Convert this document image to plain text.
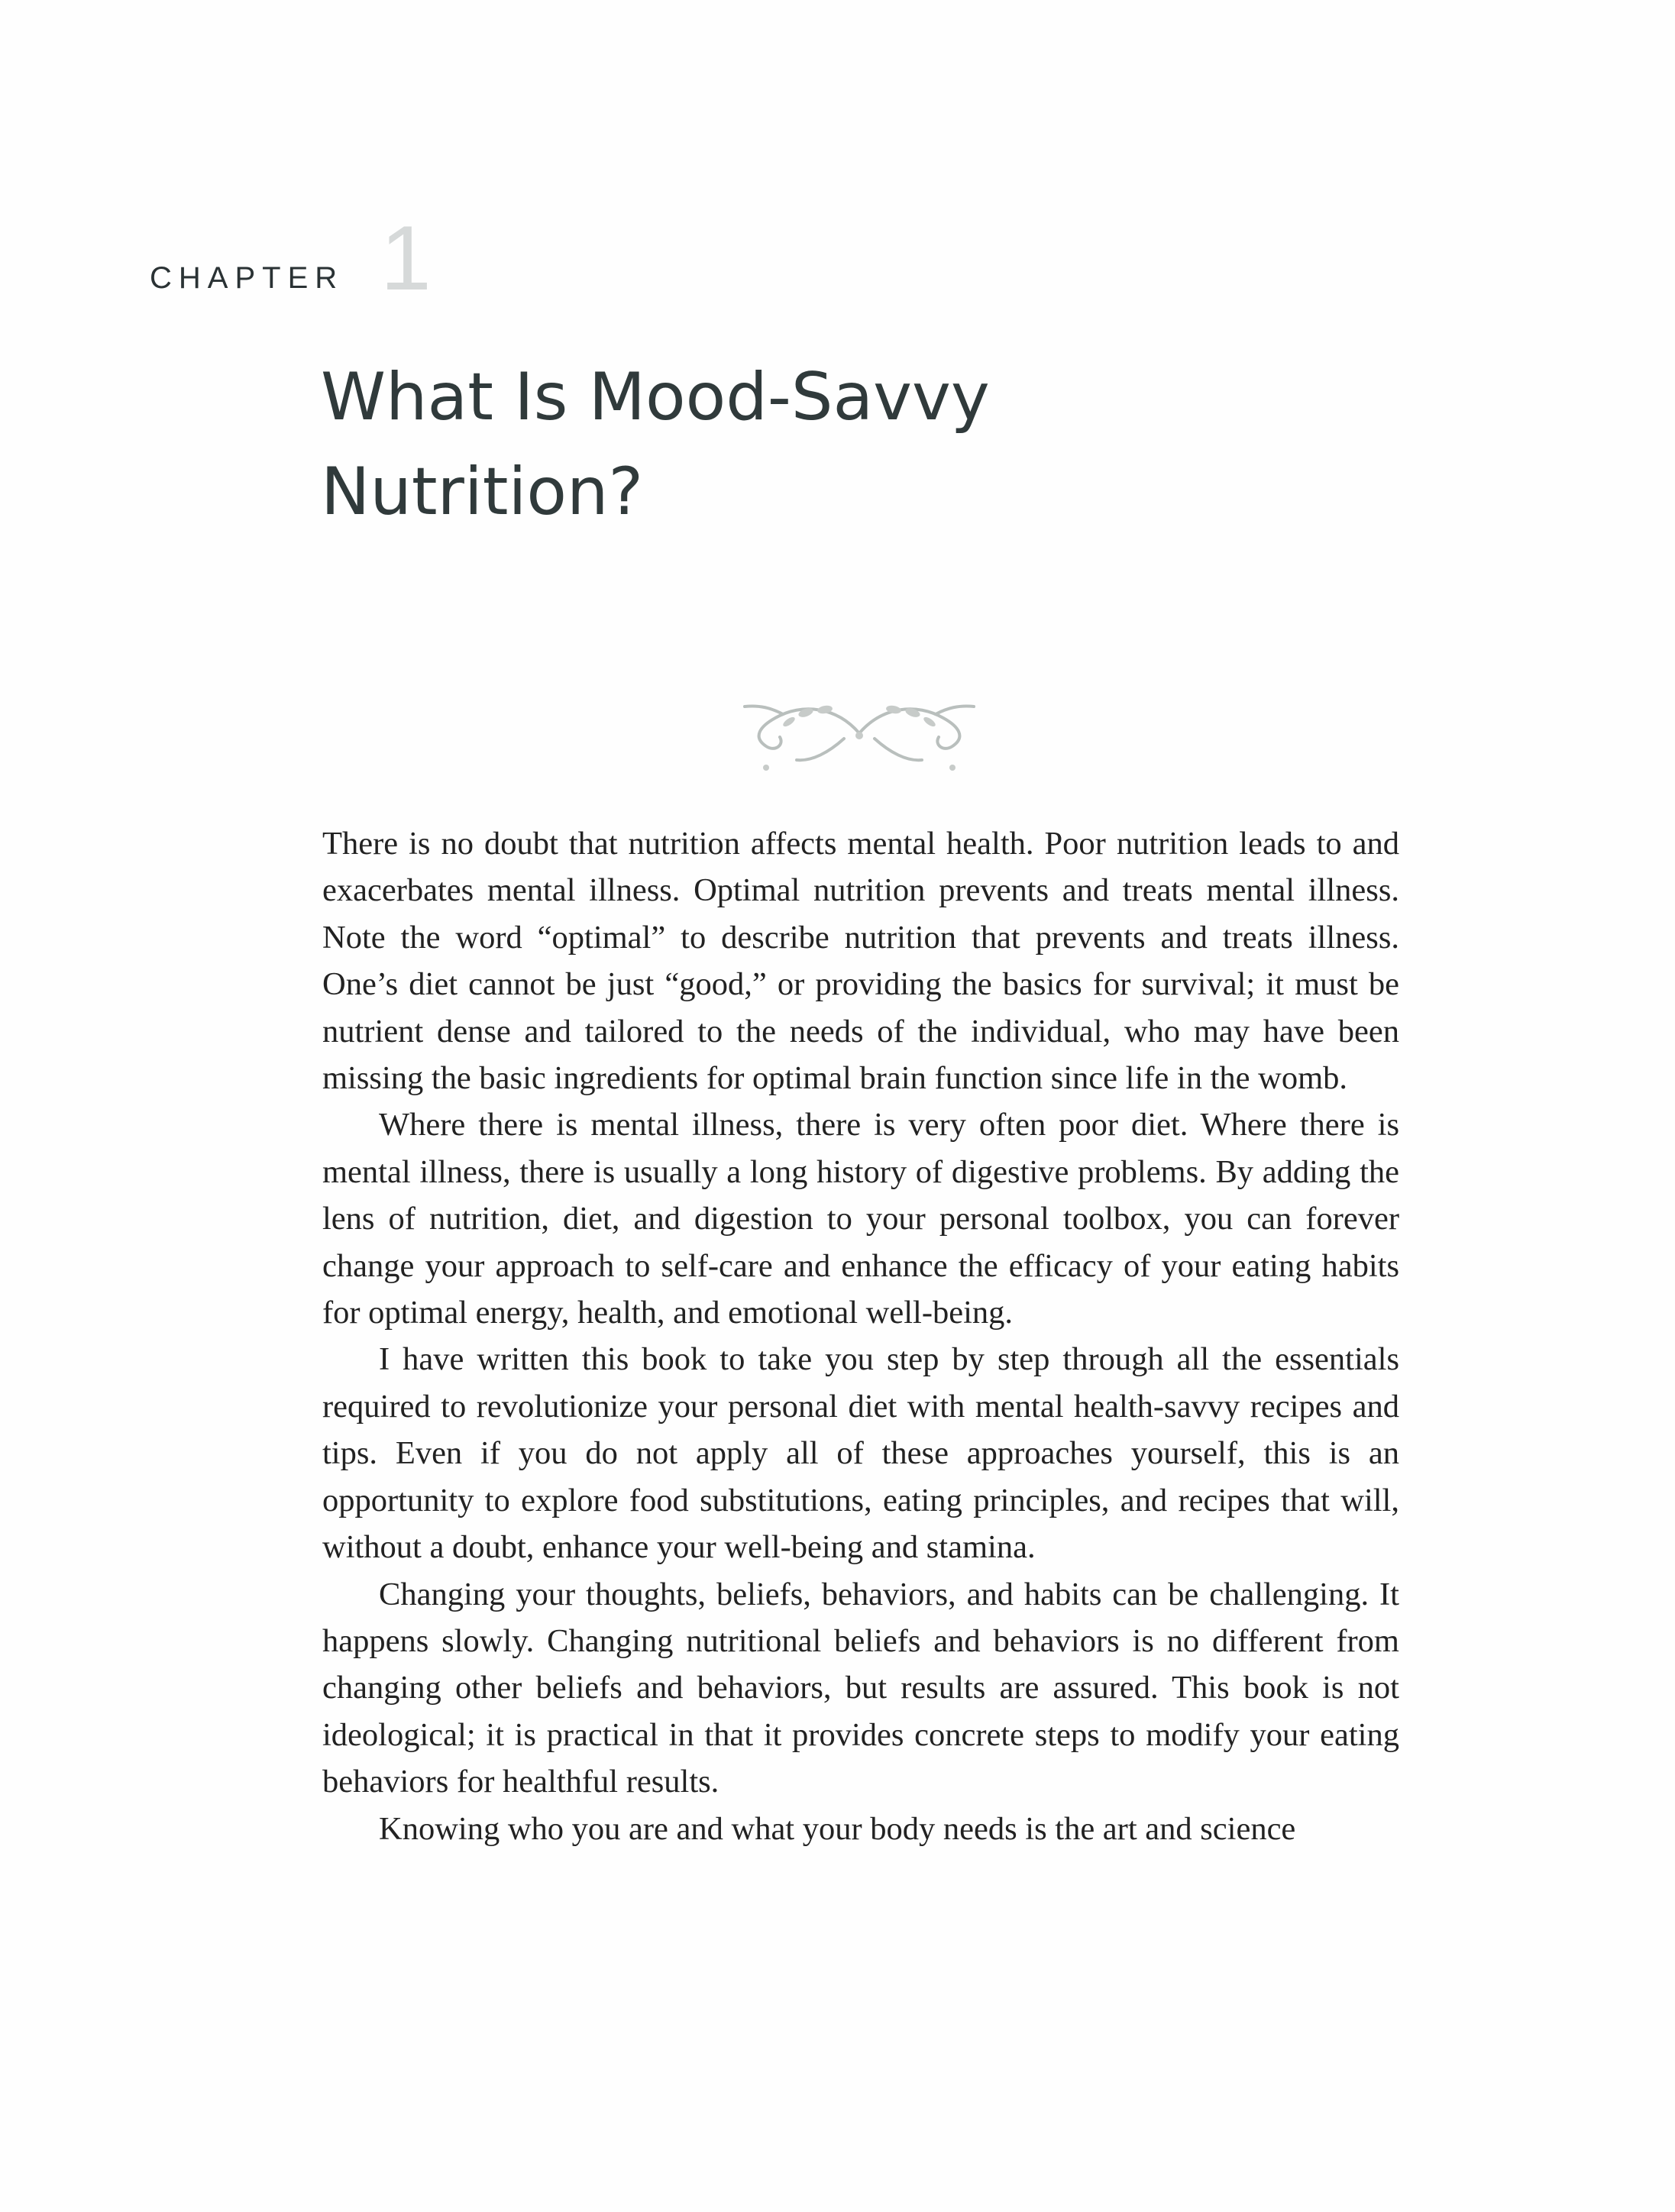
CHAPTER 1
What Is Mood-Savvy
Nutrition?

There is no doubt that nutrition affects mental health. Poor nutrition leads to and exacerbates mental illness. Optimal nutrition prevents and treats mental illness. Note the word “optimal” to describe nutrition that prevents and treats illness. One’s diet cannot be just “good,” or providing the basics for survival; it must be nutrient dense and tailored to the needs of the individual, who may have been missing the basic ingredients for optimal brain function since life in the womb.

Where there is mental illness, there is very often poor diet. Where there is mental illness, there is usually a long history of digestive problems. By adding the lens of nutrition, diet, and digestion to your personal toolbox, you can forever change your approach to self-care and enhance the efficacy of your eating habits for optimal energy, health, and emotional well-being.

I have written this book to take you step by step through all the essentials required to revolutionize your personal diet with mental health-savvy recipes and tips. Even if you do not apply all of these approaches yourself, this is an opportunity to explore food substitutions, eating principles, and recipes that will, without a doubt, enhance your well-being and stamina.

Changing your thoughts, beliefs, behaviors, and habits can be challenging. It happens slowly. Changing nutritional beliefs and behaviors is no different from changing other beliefs and behaviors, but results are assured. This book is not ideological; it is practical in that it provides concrete steps to modify your eating behaviors for healthful results.

Knowing who you are and what your body needs is the art and science
